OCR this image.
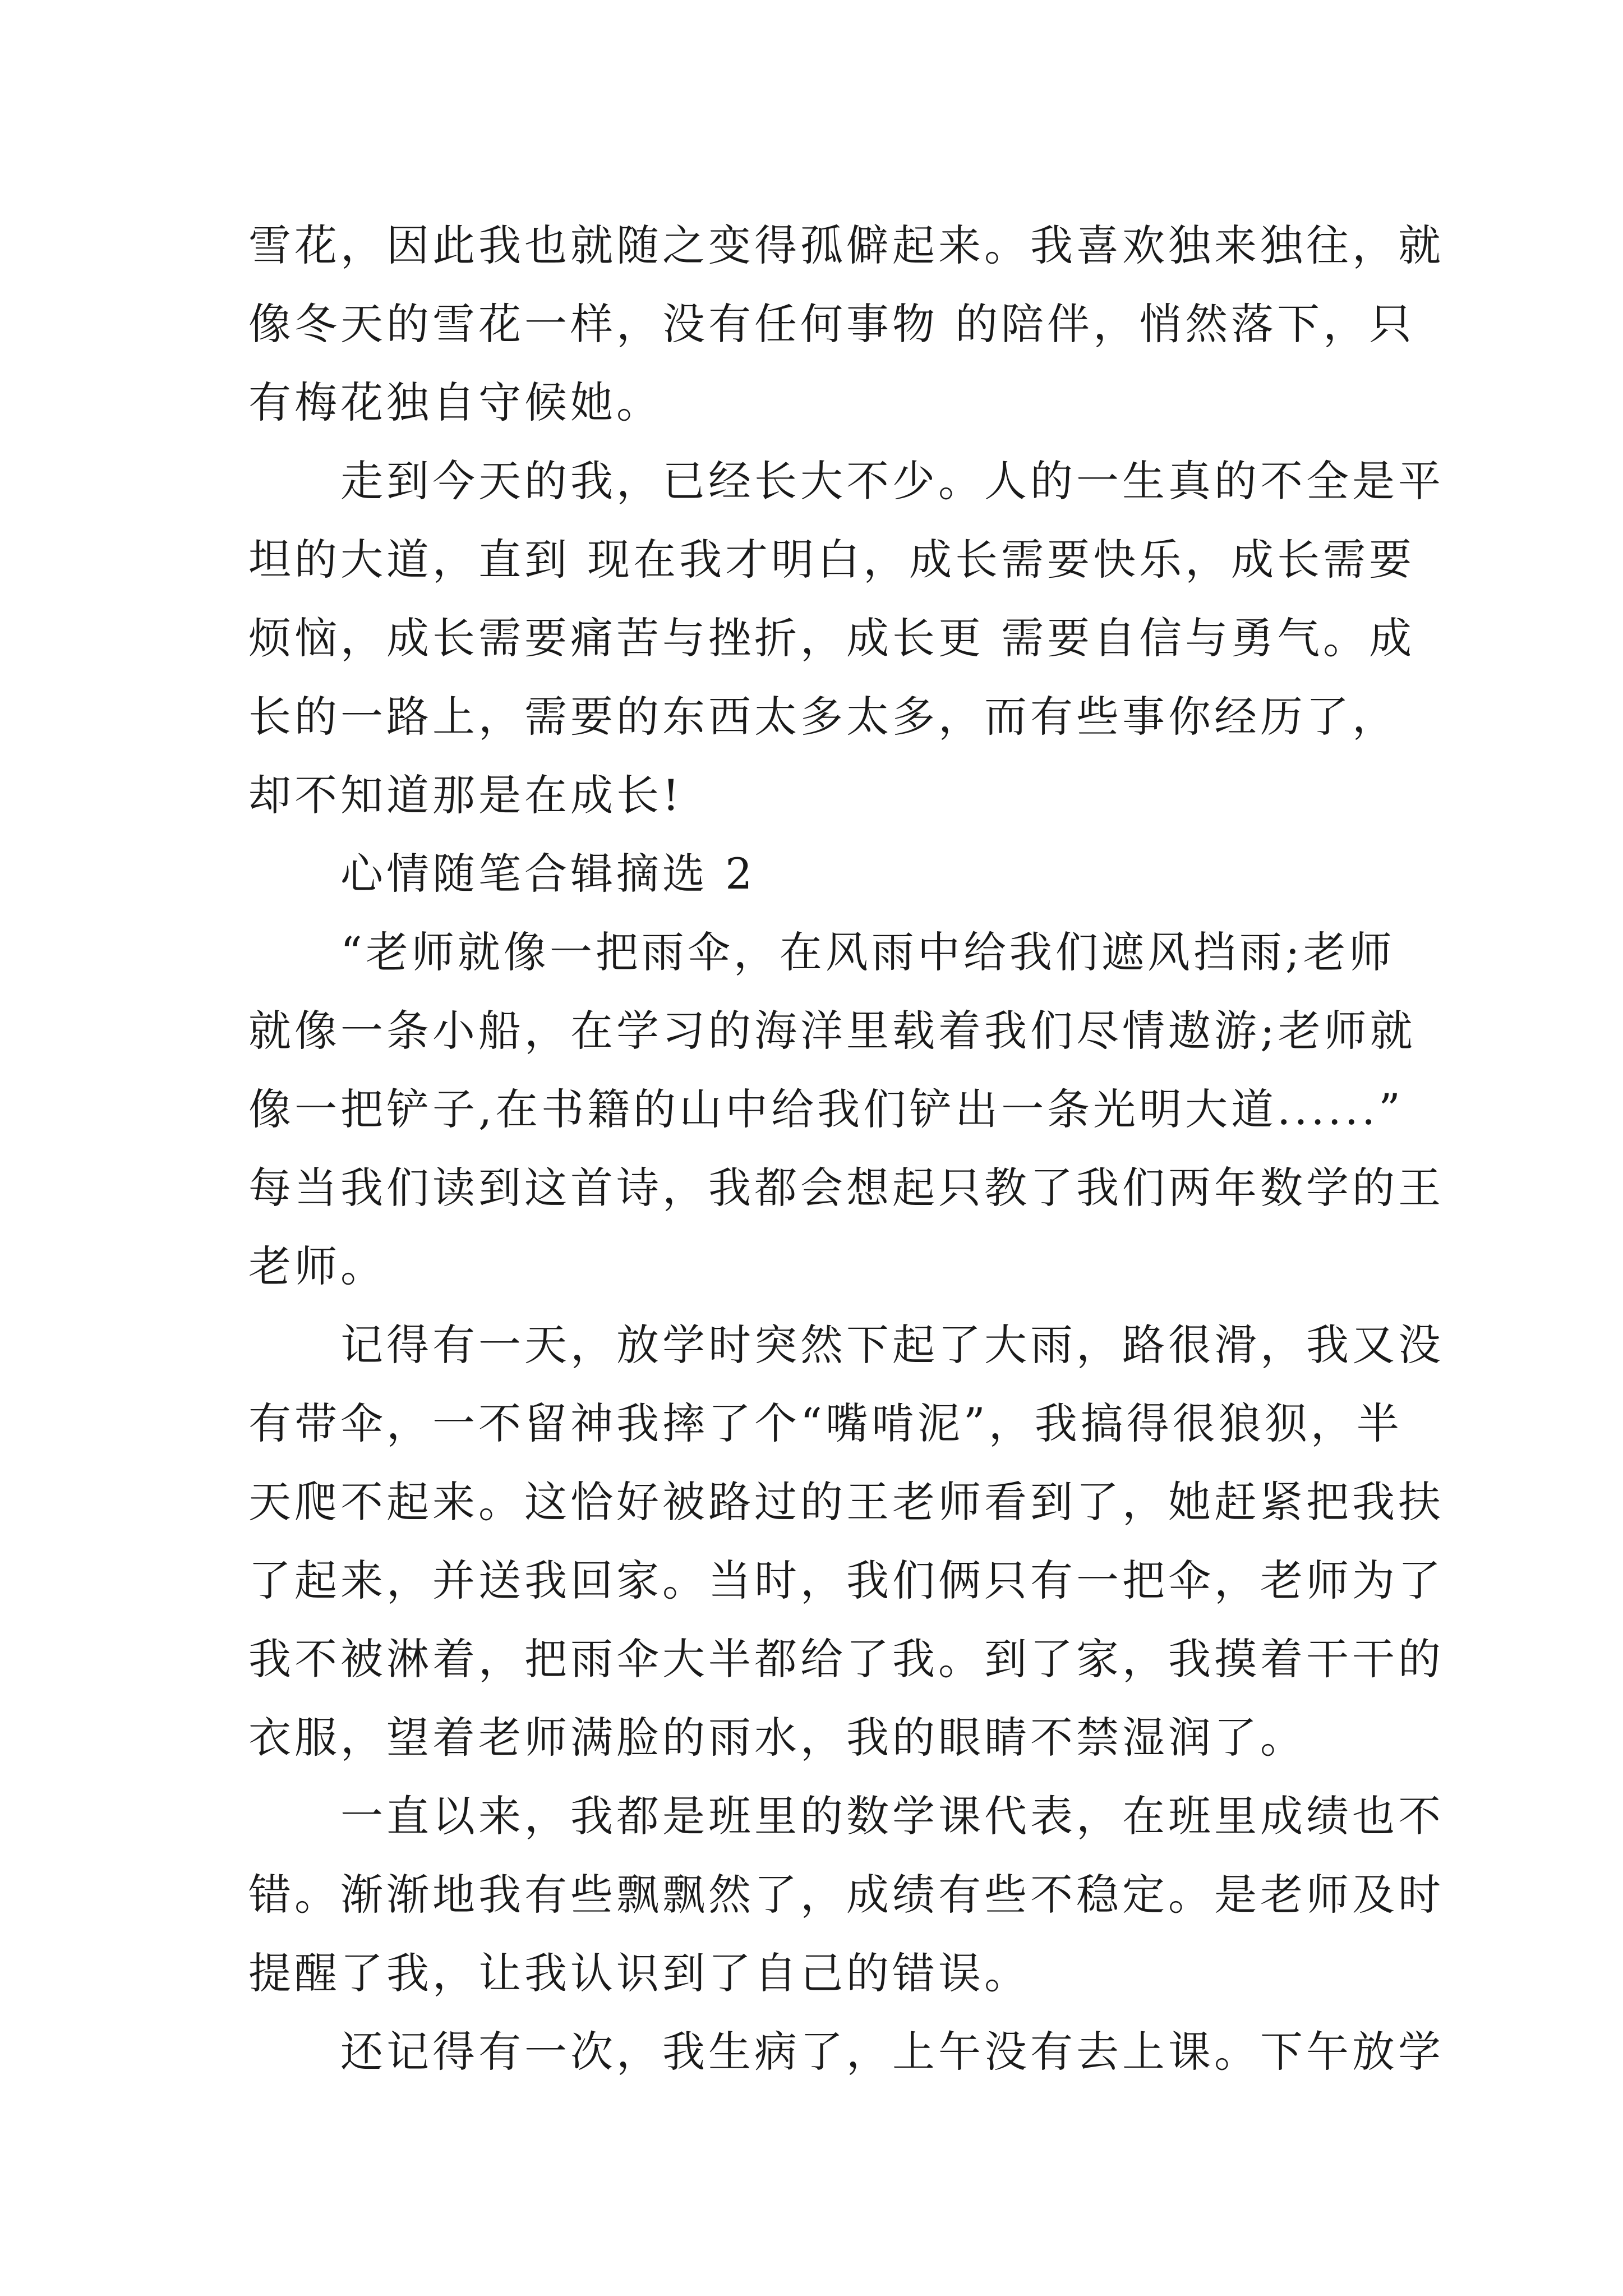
雪花，因此我也就随之变得孤僻起来。我喜欢独来独往，就
像冬天的雪花一样，没有任何事物 的陪伴，悄然落下，只
有梅花独自守候她。
　　走到今天的我，已经长大不少。人的一生真的不全是平
坦的大道，直到 现在我才明白，成长需要快乐，成长需要
烦恼，成长需要痛苦与挫折，成长更 需要自信与勇气。成
长的一路上，需要的东西太多太多，而有些事你经历了，
却不知道那是在成长!
　　心情随笔合辑摘选 2
　　“老师就像一把雨伞，在风雨中给我们遮风挡雨;老师
就像一条小船，在学习的海洋里载着我们尽情遨游;老师就
像一把铲子,在书籍的山中给我们铲出一条光明大道......”
每当我们读到这首诗，我都会想起只教了我们两年数学的王
老师。
　　记得有一天，放学时突然下起了大雨，路很滑，我又没
有带伞，一不留神我摔了个“嘴啃泥”，我搞得很狼狈，半
天爬不起来。这恰好被路过的王老师看到了，她赶紧把我扶
了起来，并送我回家。当时，我们俩只有一把伞，老师为了
我不被淋着，把雨伞大半都给了我。到了家，我摸着干干的
衣服，望着老师满脸的雨水，我的眼睛不禁湿润了。
　　一直以来，我都是班里的数学课代表，在班里成绩也不
错。渐渐地我有些飘飘然了，成绩有些不稳定。是老师及时
提醒了我，让我认识到了自己的错误。
　　还记得有一次，我生病了，上午没有去上课。下午放学
